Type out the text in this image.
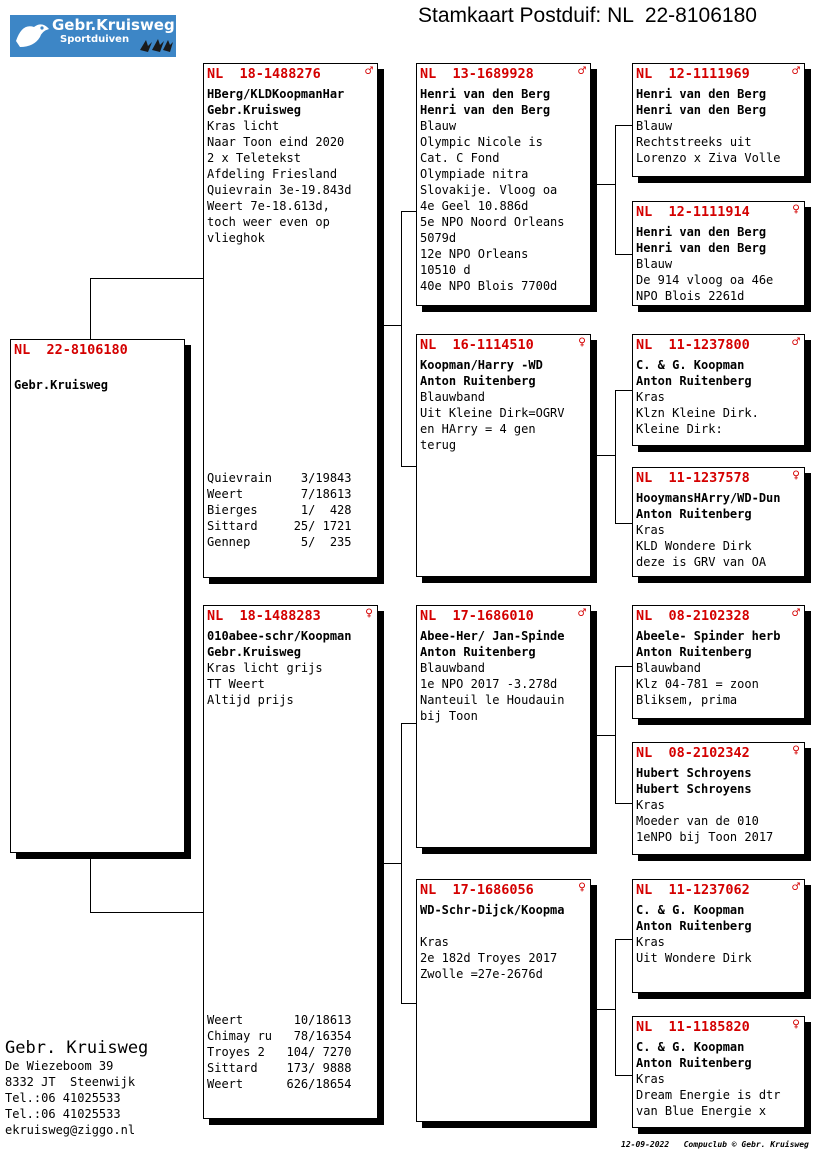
Gebr.Kruisweg
Sportduiven
Stamkaart Postduif: NL  22-8106180
NL  22-8106180
Gebr.Kruisweg
NL  18-1488276	♂
HBerg/KLDKoopmanHar
Gebr.Kruisweg
Kras licht
Naar Toon eind 2020
2 x Teletekst
Afdeling Friesland
Quievrain 3e-19.843d
Weert 7e-18.613d,
toch weer even op
vlieghok
Quievrain    3/19843
Weert        7/18613
Bierges      1/  428
Sittard     25/ 1721
Gennep       5/  235
NL  18-1488283	♀
010abee-schr/Koopman
Gebr.Kruisweg
Kras licht grijs
TT Weert
Altijd prijs
Weert       10/18613
Chimay ru   78/16354
Troyes 2   104/ 7270
Sittard    173/ 9888
Weert      626/18654
NL  13-1689928	♂
Henri van den Berg
Henri van den Berg
Blauw
Olympic Nicole is
Cat. C Fond
Olympiade nitra
Slovakije. Vloog oa
4e Geel 10.886d
5e NPO Noord Orleans
5079d
12e NPO Orleans
10510 d
40e NPO Blois 7700d
NL  16-1114510	♀
Koopman/Harry -WD
Anton Ruitenberg
Blauwband
Uit Kleine Dirk=OGRV
en HArry = 4 gen
terug
NL  17-1686010	♂
Abee-Her/ Jan-Spinde
Anton Ruitenberg
Blauwband
1e NPO 2017 -3.278d
Nanteuil le Houdauin
bij Toon
NL  17-1686056	♀
WD-Schr-Dijck/Koopma
Kras
2e 182d Troyes 2017
Zwolle =27e-2676d
NL  12-1111969	♂
Henri van den Berg
Henri van den Berg
Blauw
Rechtstreeks uit
Lorenzo x Ziva Volle
NL  12-1111914	♀
Henri van den Berg
Henri van den Berg
Blauw
De 914 vloog oa 46e
NPO Blois 2261d
NL  11-1237800	♂
C. & G. Koopman
Anton Ruitenberg
Kras
Klzn Kleine Dirk.
Kleine Dirk:
NL  11-1237578	♀
HooymansHArry/WD-Dun
Anton Ruitenberg
Kras
KLD Wondere Dirk
deze is GRV van OA
NL  08-2102328	♂
Abeele- Spinder herb
Anton Ruitenberg
Blauwband
Klz 04-781 = zoon
Bliksem, prima
NL  08-2102342	♀
Hubert Schroyens
Hubert Schroyens
Kras
Moeder van de 010
1eNPO bij Toon 2017
NL  11-1237062	♂
C. & G. Koopman
Anton Ruitenberg
Kras
Uit Wondere Dirk
NL  11-1185820	♀
C. & G. Koopman
Anton Ruitenberg
Kras
Dream Energie is dtr
van Blue Energie x
Gebr. Kruisweg
De Wiezeboom 39
8332 JT  Steenwijk
Tel.:06 41025533
Tel.:06 41025533
ekruisweg@ziggo.nl
12-09-2022   Compuclub © Gebr. Kruisweg
